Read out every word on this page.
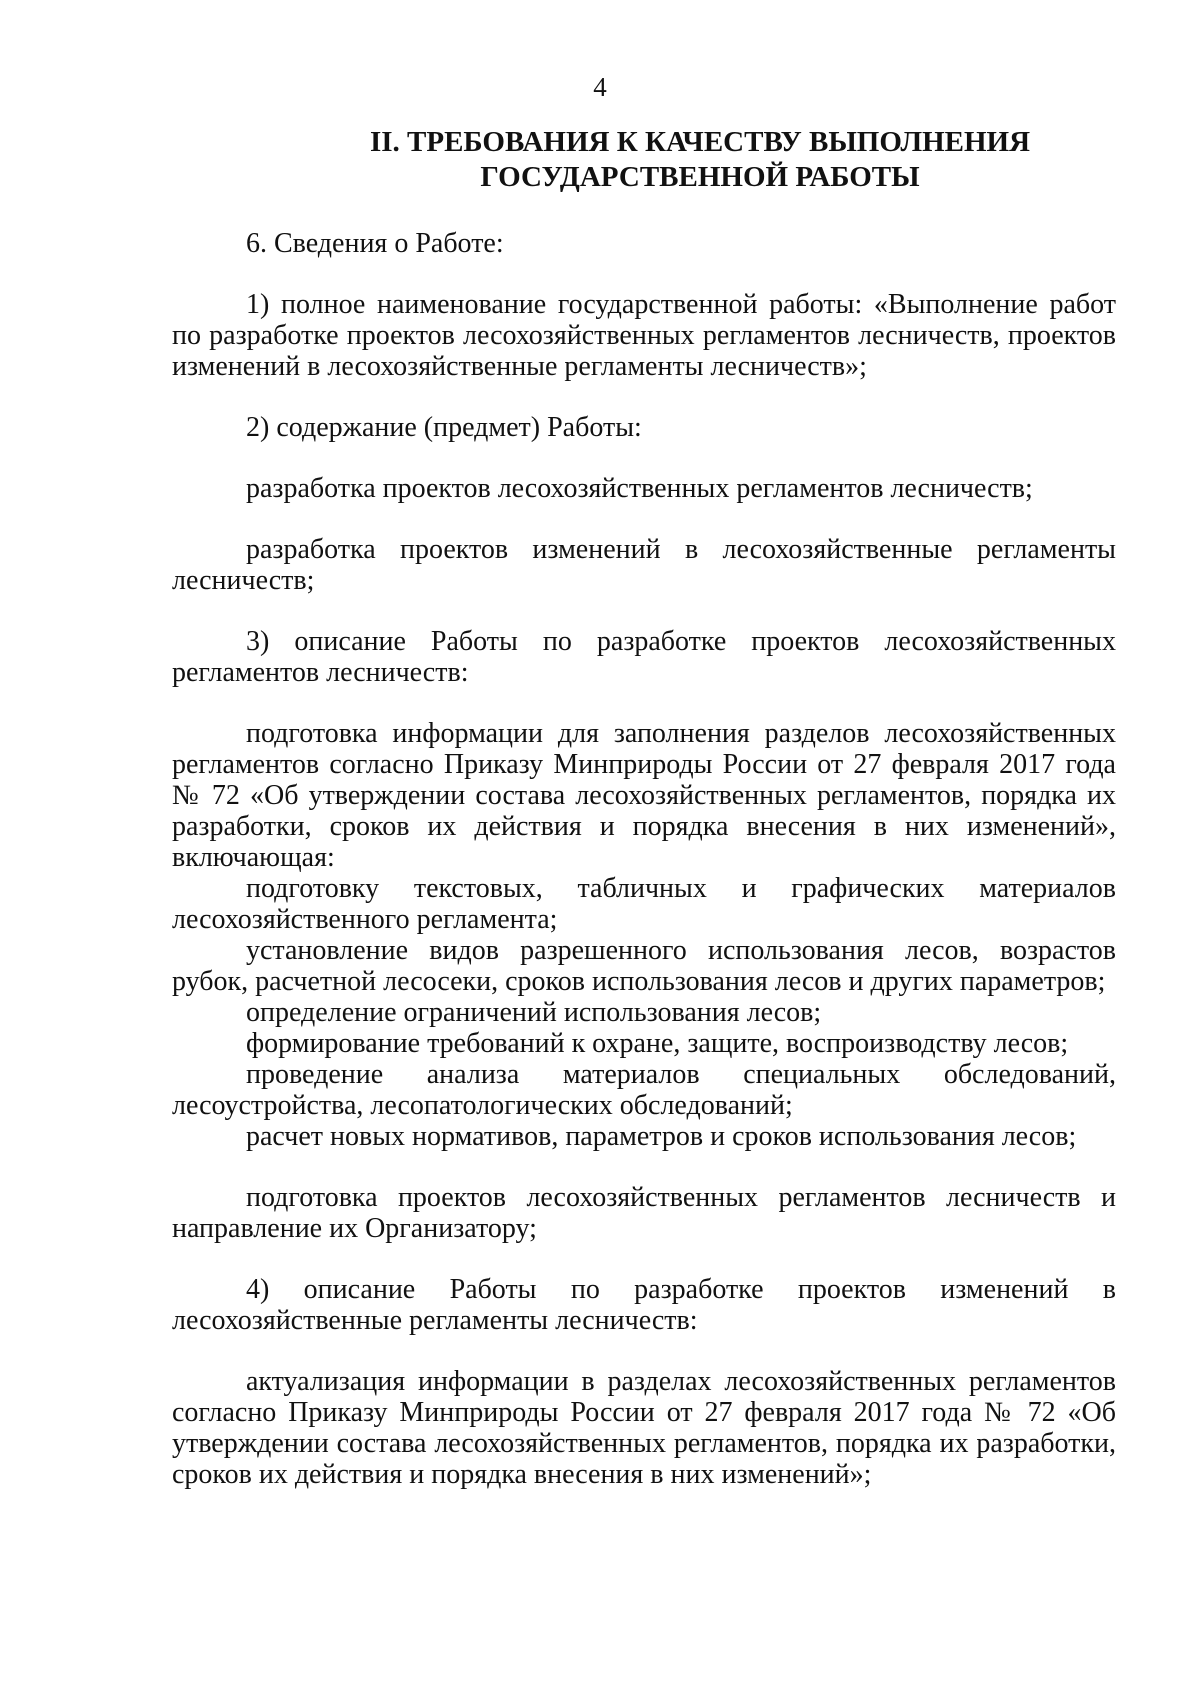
4
II. ТРЕБОВАНИЯ К КАЧЕСТВУ ВЫПОЛНЕНИЯ
ГОСУДАРСТВЕННОЙ РАБОТЫ

6. Сведения о Работе:

1) полное наименование государственной работы: «Выполнение работ по разработке проектов лесохозяйственных регламентов лесничеств, проектов изменений в лесохозяйственные регламенты лесничеств»;

2) содержание (предмет) Работы:

разработка проектов лесохозяйственных регламентов лесничеств;

разработка проектов изменений в лесохозяйственные регламенты лесничеств;

3) описание Работы по разработке проектов лесохозяйственных регламентов лесничеств:

подготовка информации для заполнения разделов лесохозяйственных регламентов согласно Приказу Минприроды России от 27 февраля 2017 года № 72 «Об утверждении состава лесохозяйственных регламентов, порядка их разработки, сроков их действия и порядка внесения в них изменений», включающая:

подготовку текстовых, табличных и графических материалов лесохозяйственного регламента;

установление видов разрешенного использования лесов, возрастов рубок, расчетной лесосеки, сроков использования лесов и других параметров;

определение ограничений использования лесов;

формирование требований к охране, защите, воспроизводству лесов;

проведение анализа материалов специальных обследований, лесоустройства, лесопатологических обследований;

расчет новых нормативов, параметров и сроков использования лесов;

подготовка проектов лесохозяйственных регламентов лесничеств и направление их Организатору;

4) описание Работы по разработке проектов изменений в лесохозяйственные регламенты лесничеств:

актуализация информации в разделах лесохозяйственных регламентов согласно Приказу Минприроды России от 27 февраля 2017 года № 72 «Об утверждении состава лесохозяйственных регламентов, порядка их разработки, сроков их действия и порядка внесения в них изменений»;
